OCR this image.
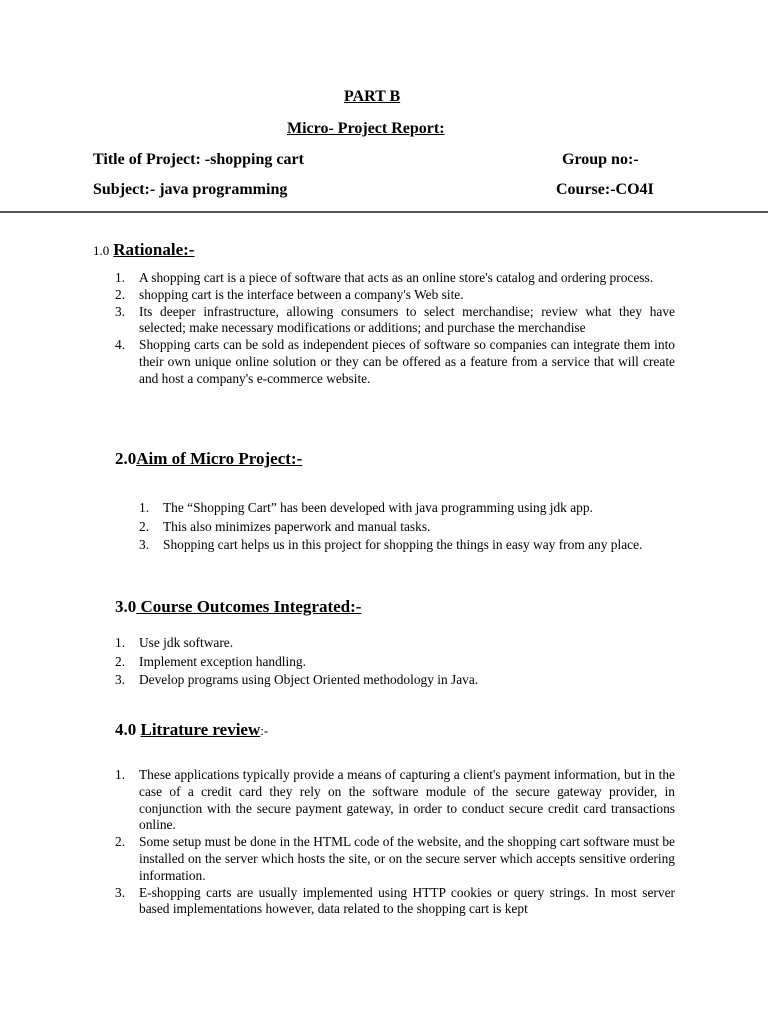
PART B
Micro- Project Report:
Title of Project: -shopping cart	Group no:-
Subject:- java programming	Course:-CO4I
1.0 Rationale:-
1. A shopping cart is a piece of software that acts as an online store's catalog and ordering process.
2. shopping cart is the interface between a company's Web site.
3. Its deeper infrastructure, allowing consumers to select merchandise; review what they have selected; make necessary modifications or additions; and purchase the merchandise
4. Shopping carts can be sold as independent pieces of software so companies can integrate them into their own unique online solution or they can be offered as a feature from a service that will create and host a company's e-commerce website.
2.0Aim of Micro Project:-
1. The “Shopping Cart” has been developed with java programming using jdk app.
2. This also minimizes paperwork and manual tasks.
3. Shopping cart helps us in this project for shopping the things in easy way from any place.
3.0 Course Outcomes Integrated:-
1. Use jdk software.
2. Implement exception handling.
3. Develop programs using Object Oriented methodology in Java.
4.0 Litrature review:-
1. These applications typically provide a means of capturing a client's payment information, but in the case of a credit card they rely on the software module of the secure gateway provider, in conjunction with the secure payment gateway, in order to conduct secure credit card transactions online.
2. Some setup must be done in the HTML code of the website, and the shopping cart software must be installed on the server which hosts the site, or on the secure server which accepts sensitive ordering information.
3. E-shopping carts are usually implemented using HTTP cookies or query strings. In most server based implementations however, data related to the shopping cart is kept
